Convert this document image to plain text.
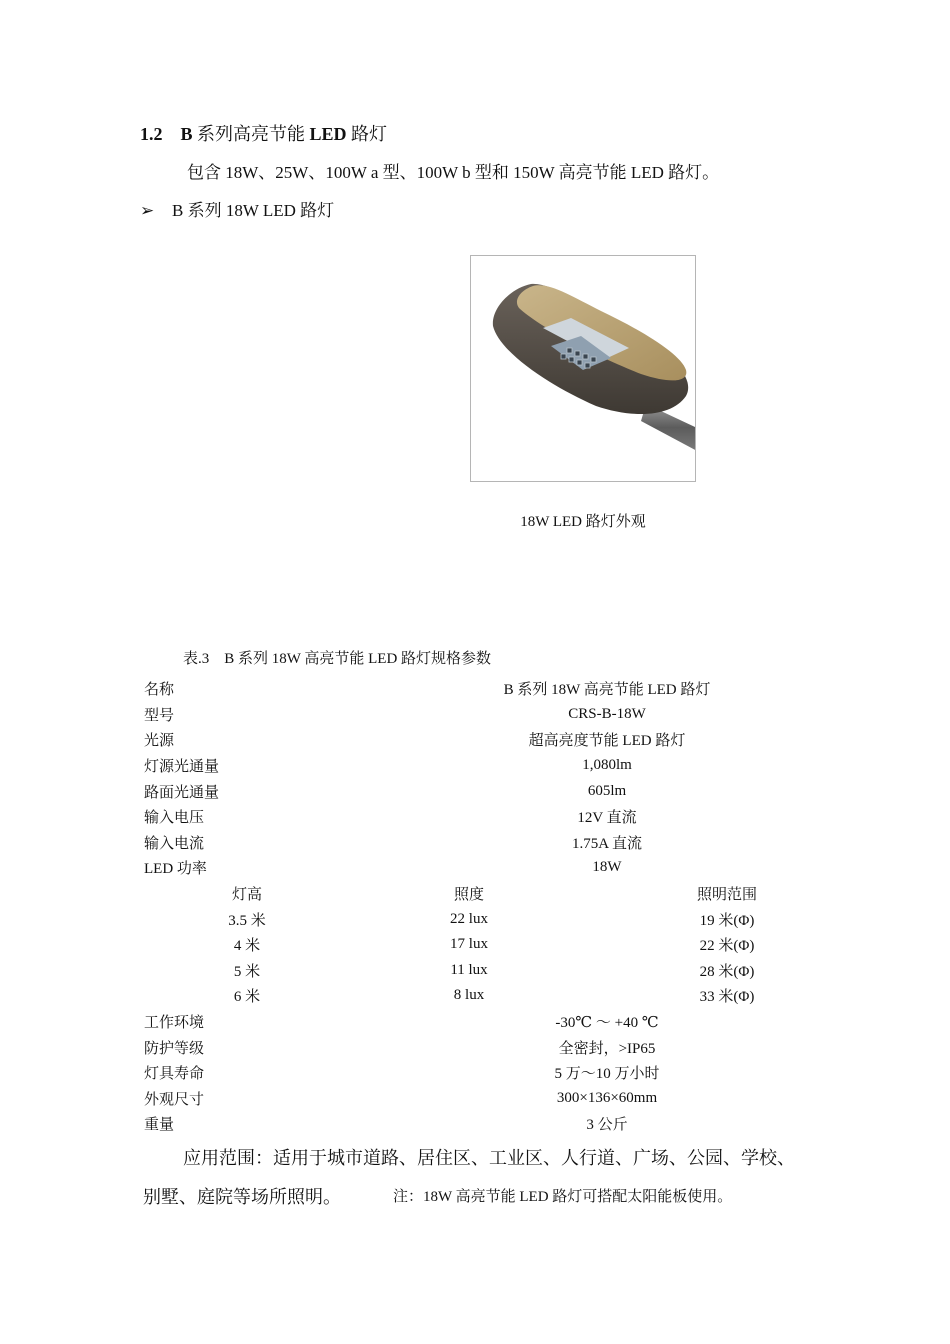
1.2 B 系列高亮节能 LED 路灯
包含 18W、25W、100W a 型、100W b 型和 150W 高亮节能 LED 路灯。
➢ B 系列 18W LED 路灯
18W LED 路灯外观
表.3　B 系列 18W 高亮节能 LED 路灯规格参数
名称	B 系列 18W 高亮节能 LED 路灯	
型号	CRS-B-18W	
光源	超高亮度节能 LED 路灯	
灯源光通量	1,080lm	
路面光通量	605lm	
输入电压	12V 直流	
输入电流	1.75A 直流	
LED 功率	18W	
灯高	照度	照明范围
3.5 米	22 lux	19 米(Φ)
4 米	17 lux	22 米(Φ)
5 米	11 lux	28 米(Φ)
6 米	8 lux	33 米(Φ)
工作环境	-30℃ ～ +40 ℃	
防护等级	全密封，>IP65	
灯具寿命	5 万～10 万小时	
外观尺寸	300×136×60mm	
重量	3 公斤	
应用范围：适用于城市道路、居住区、工业区、人行道、广场、公园、学校、
别墅、庭院等场所照明。	注：18W 高亮节能 LED 路灯可搭配太阳能板使用。
